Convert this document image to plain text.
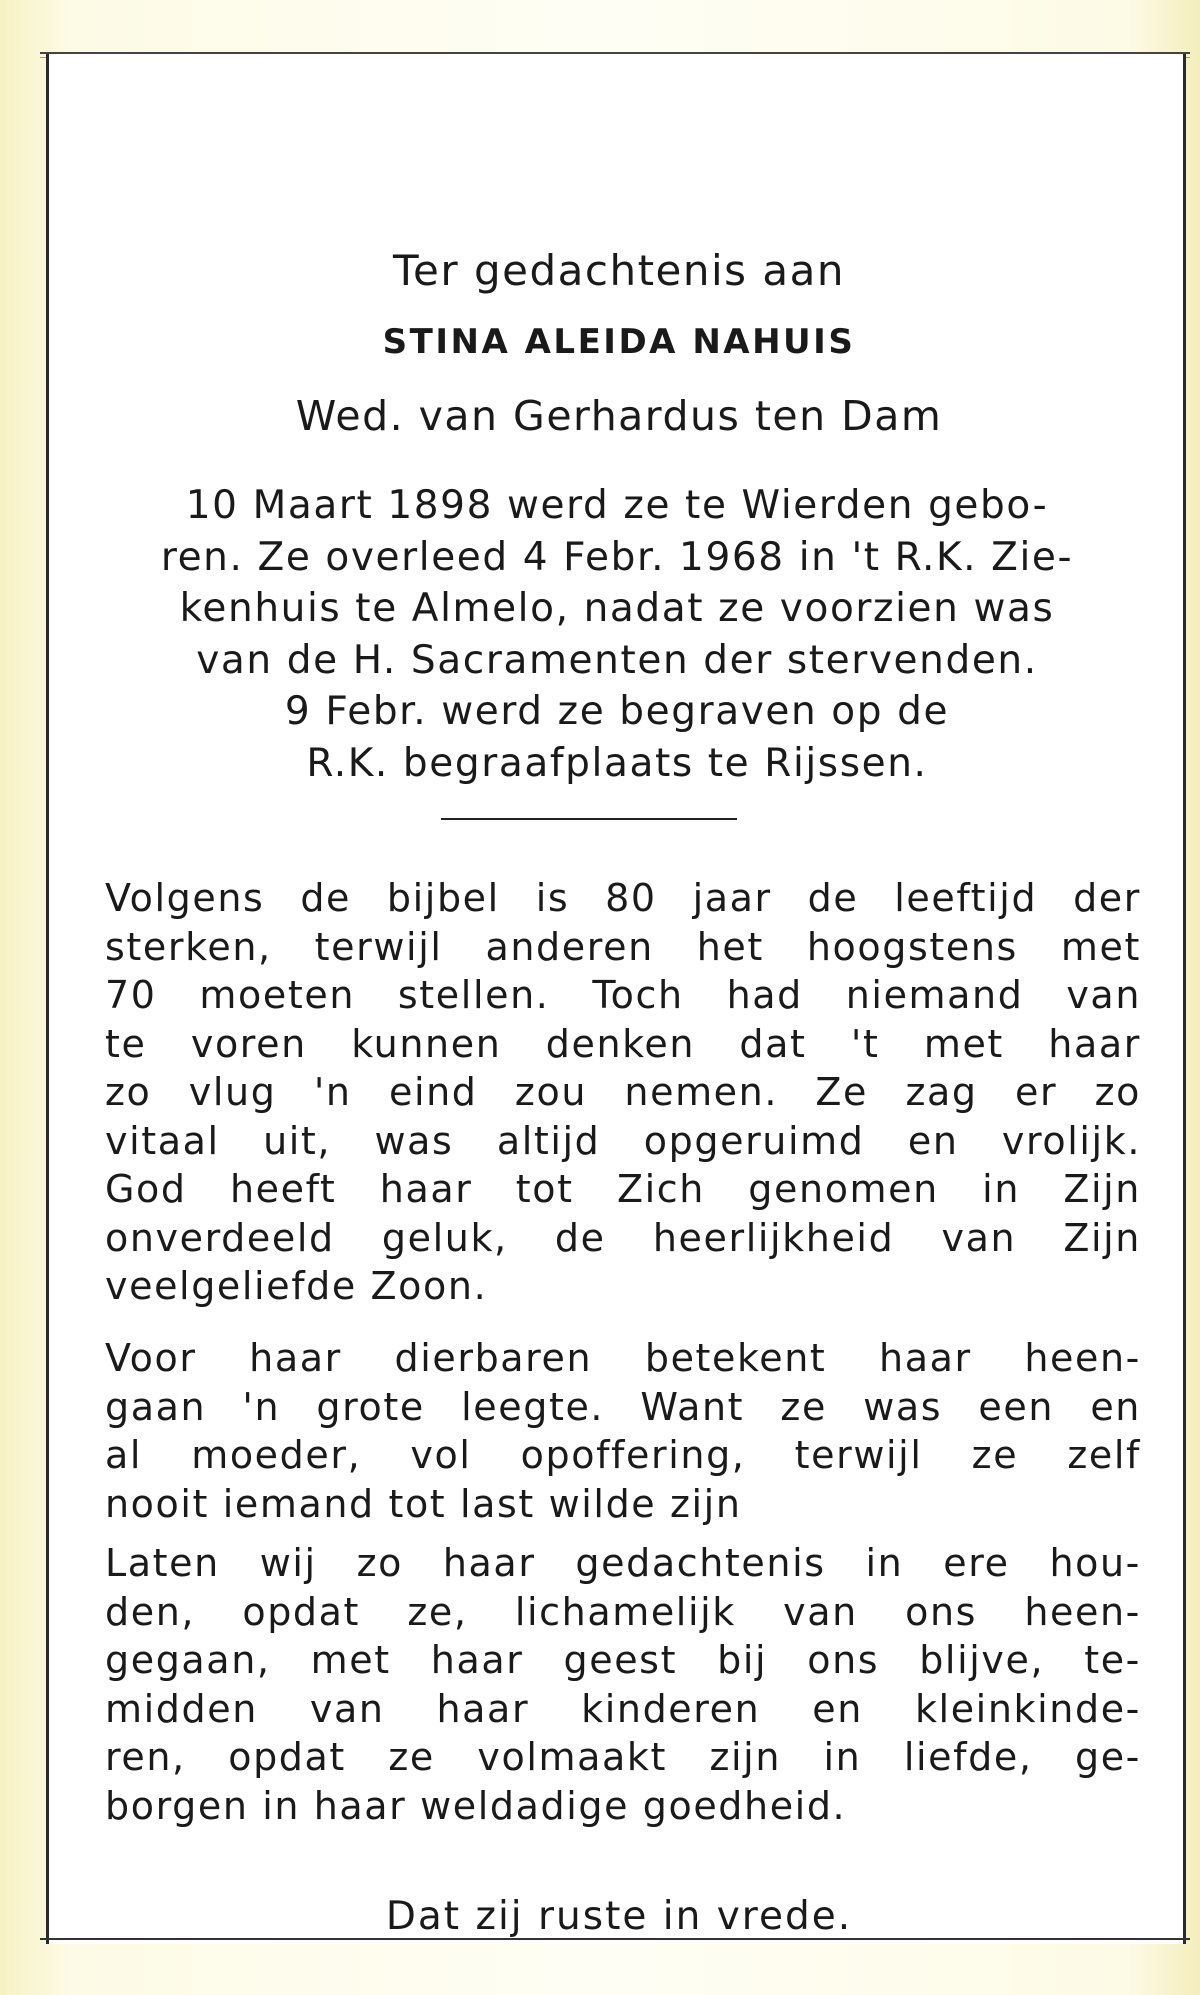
Ter gedachtenis aan
STINA ALEIDA NAHUIS
Wed. van Gerhardus ten Dam
10 Maart 1898 werd ze te Wierden gebo-
ren. Ze overleed 4 Febr. 1968 in 't R.K. Zie-
kenhuis te Almelo, nadat ze voorzien was
van de H. Sacramenten der stervenden.
9 Febr. werd ze begraven op de
R.K. begraafplaats te Rijssen.
Volgens de bijbel is 80 jaar de leeftijd der
sterken, terwijl anderen het hoogstens met
70 moeten stellen. Toch had niemand van
te voren kunnen denken dat 't met haar
zo vlug 'n eind zou nemen. Ze zag er zo
vitaal uit, was altijd opgeruimd en vrolijk.
God heeft haar tot Zich genomen in Zijn
onverdeeld geluk, de heerlijkheid van Zijn
veelgeliefde Zoon.
Voor haar dierbaren betekent haar heen-
gaan 'n grote leegte. Want ze was een en
al moeder, vol opoffering, terwijl ze zelf
nooit iemand tot last wilde zijn
Laten wij zo haar gedachtenis in ere hou-
den, opdat ze, lichamelijk van ons heen-
gegaan, met haar geest bij ons blijve, te-
midden van haar kinderen en kleinkinde-
ren, opdat ze volmaakt zijn in liefde, ge-
borgen in haar weldadige goedheid.
Dat zij ruste in vrede.
